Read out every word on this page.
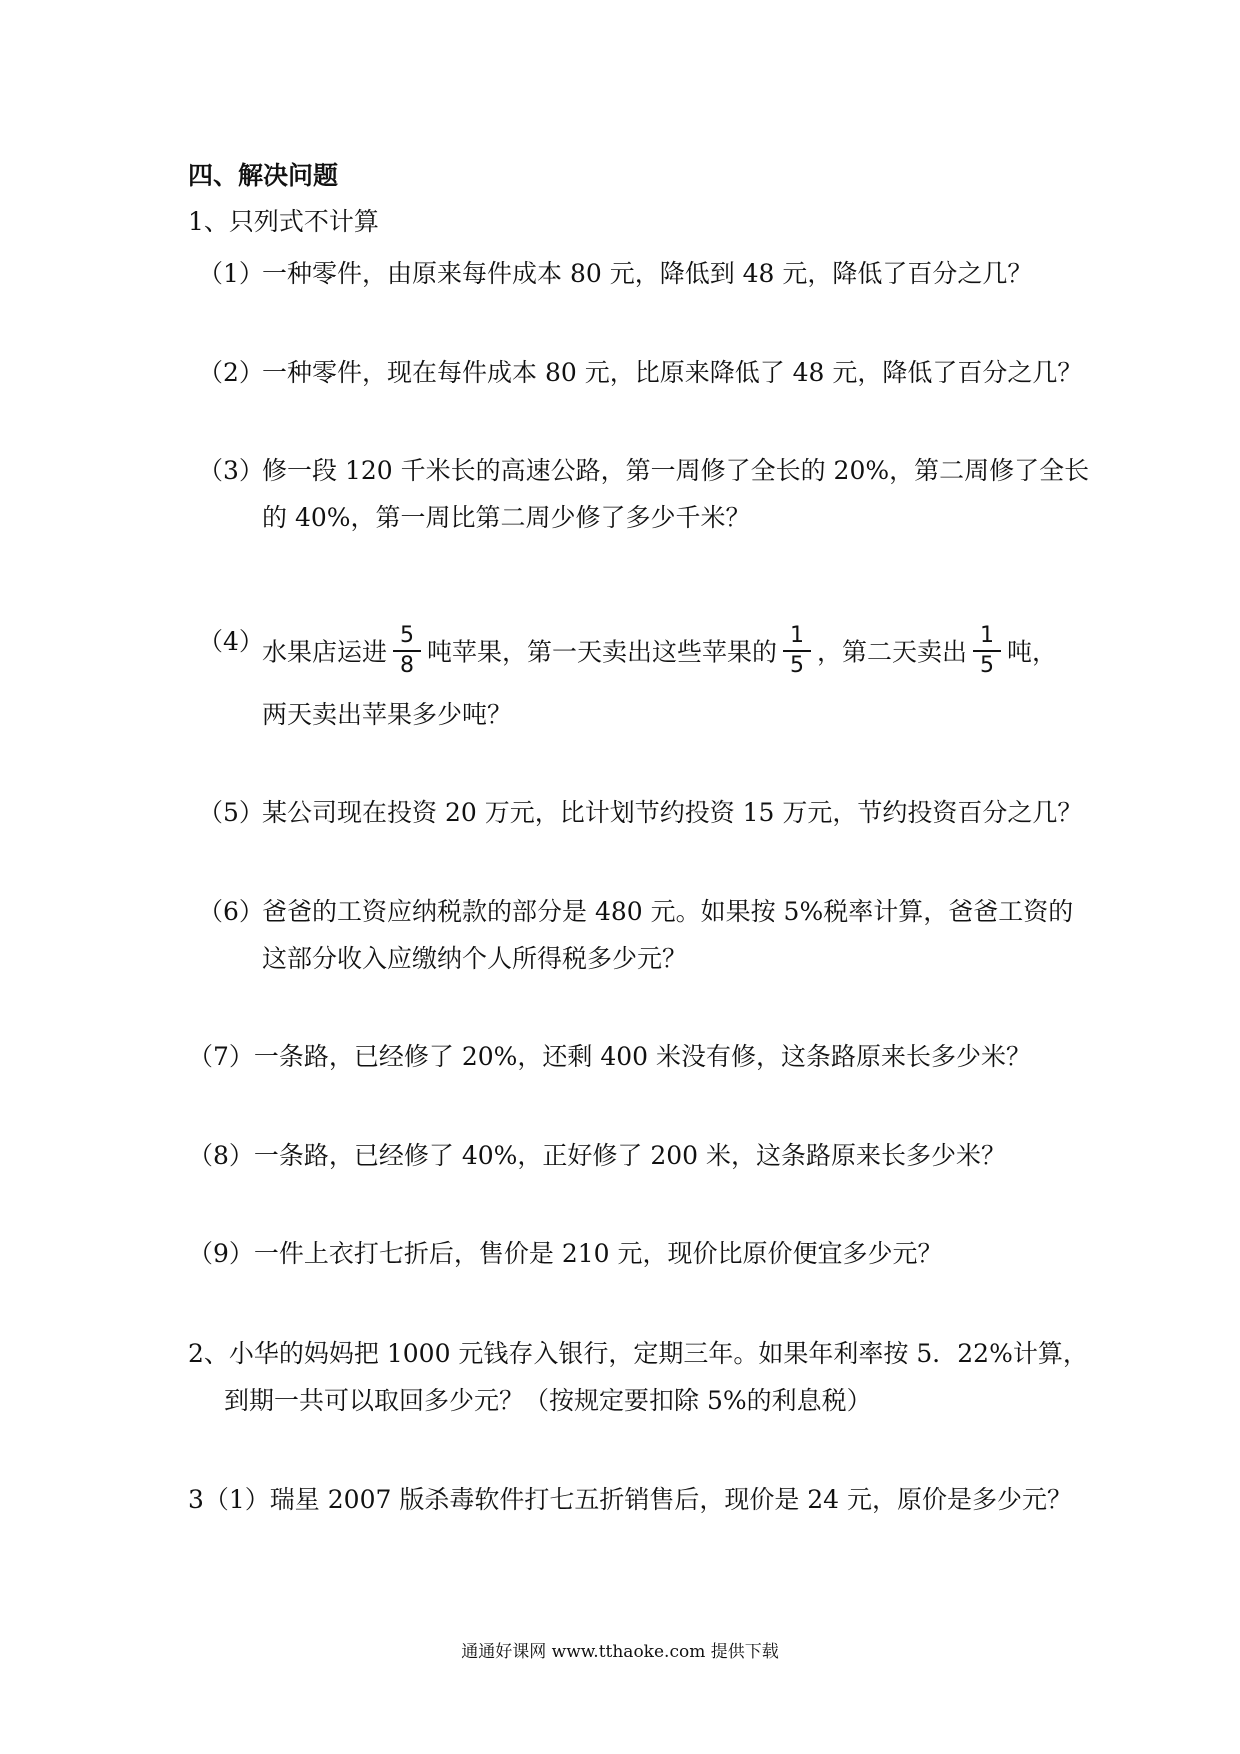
四、解决问题
1、只列式不计算
（1）
一种零件，由原来每件成本 80 元，降低到 48 元，降低了百分之几？
（2）
一种零件，现在每件成本 80 元，比原来降低了 48 元，降低了百分之几？
（3）
修一段 120 千米长的高速公路，第一周修了全长的 20%，第二周修了全长
的 40%，第一周比第二周少修了多少千米？
（4）
水果店运进 $\frac{5}{8}$ 吨苹果，第一天卖出这些苹果的 $\frac{1}{5}$ ，第二天卖出 $\frac{1}{5}$ 吨，
两天卖出苹果多少吨？
（5）
某公司现在投资 20 万元，比计划节约投资 15 万元，节约投资百分之几？
（6）
爸爸的工资应纳税款的部分是 480 元。如果按 5%税率计算，爸爸工资的
这部分收入应缴纳个人所得税多少元？
（7）一条路，已经修了 20%，还剩 400 米没有修，这条路原来长多少米？
（8）一条路，已经修了 40%，正好修了 200 米，这条路原来长多少米？
（9）一件上衣打七折后，售价是 210 元，现价比原价便宜多少元？
2、小华的妈妈把 1000 元钱存入银行，定期三年。如果年利率按 5．22%计算，
到期一共可以取回多少元？（按规定要扣除 5%的利息税）
3（1）瑞星 2007 版杀毒软件打七五折销售后，现价是 24 元，原价是多少元？
通通好课网 www.tthaoke.com 提供下载
